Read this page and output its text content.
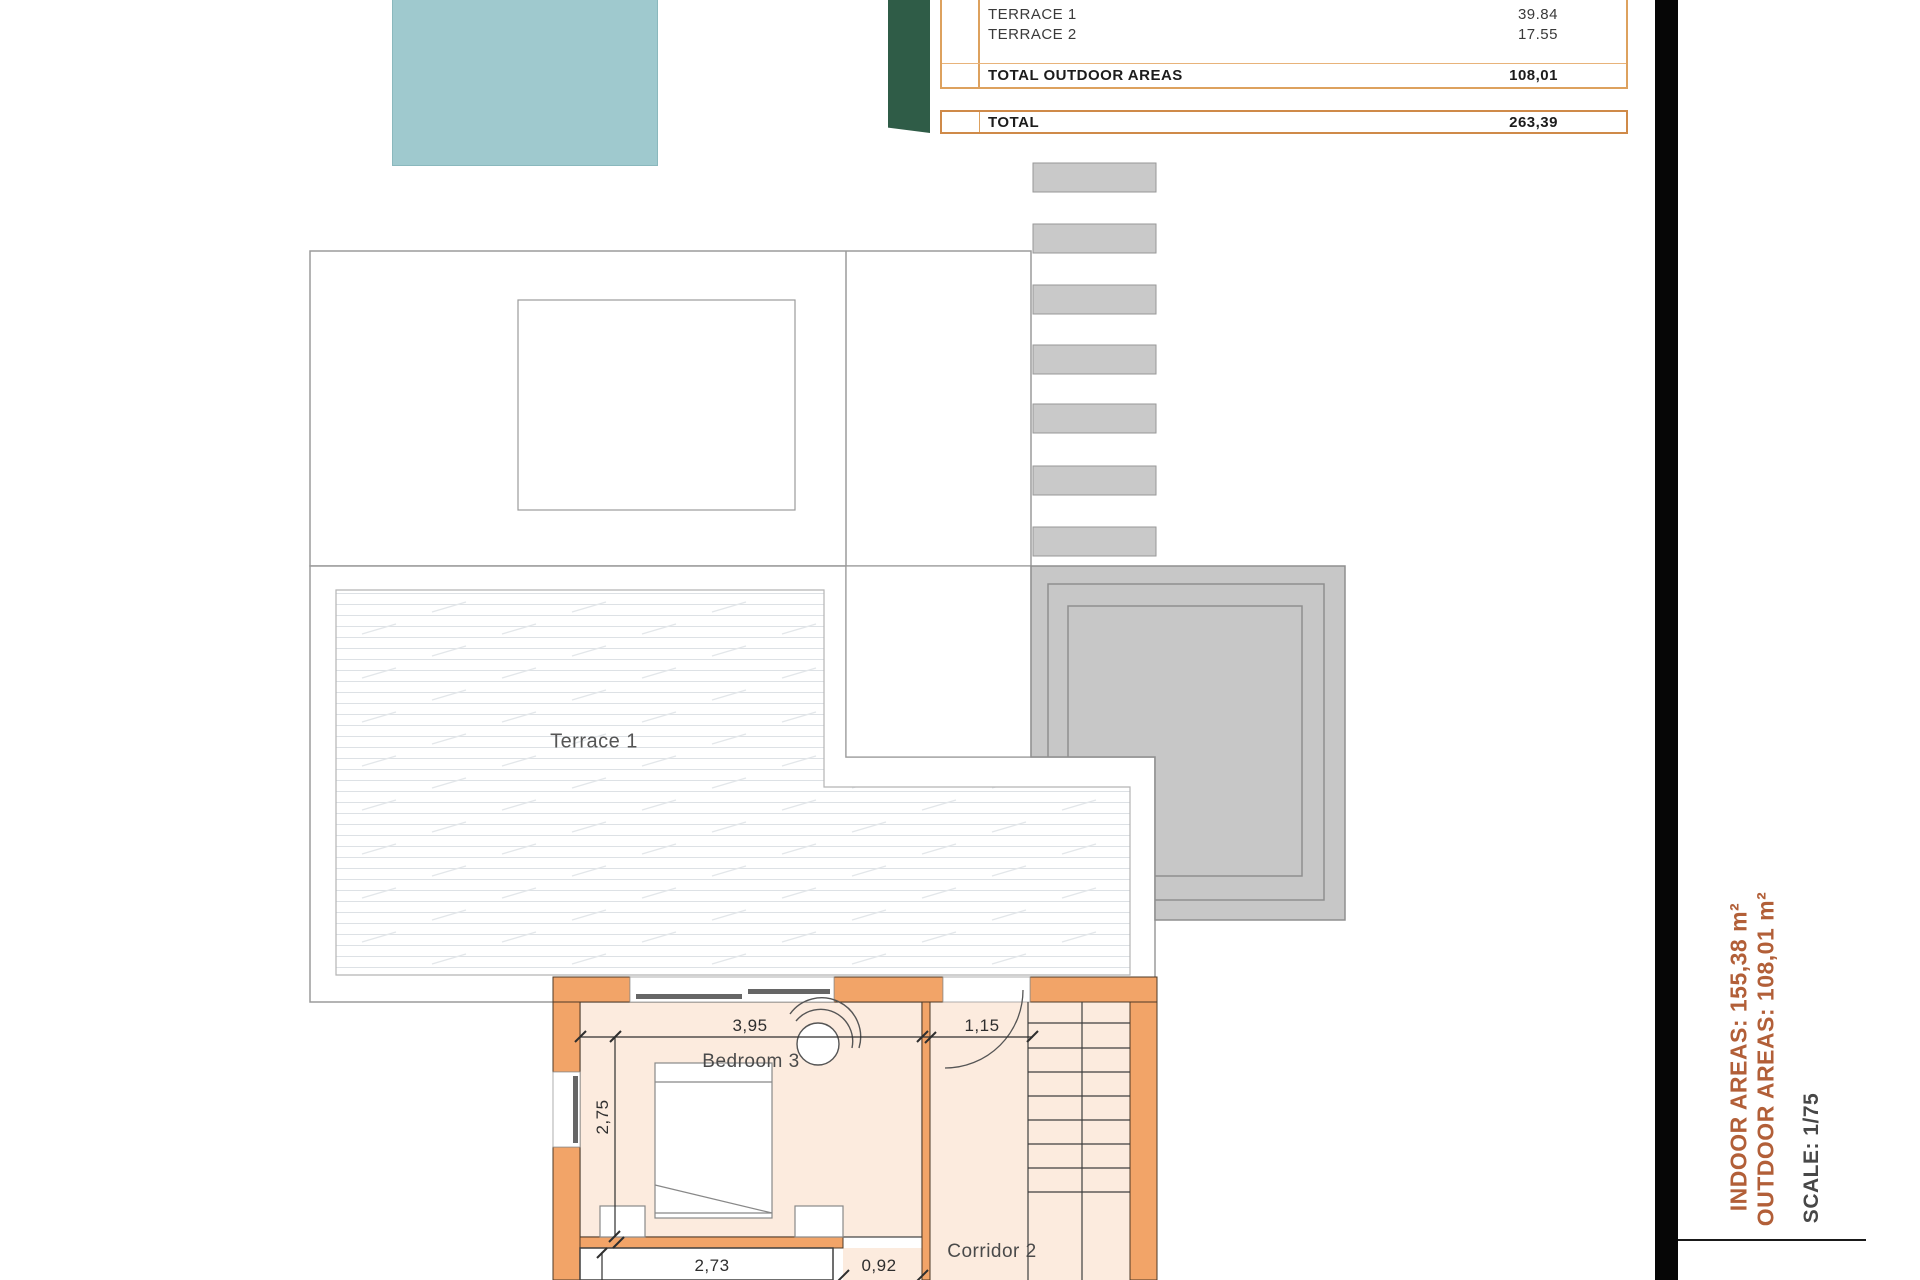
TERRACE 1	39.84
TERRACE 2	17.55
TOTAL OUTDOOR AREAS	108,01
TOTAL	263,39
Terrace 1
Bedroom 3
Corridor 2
3,95	1,15
2,75
2,73	0,92
INDOOR AREAS: 155,38 m² OUTDOOR AREAS: 108,01 m² SCALE: 1/75
